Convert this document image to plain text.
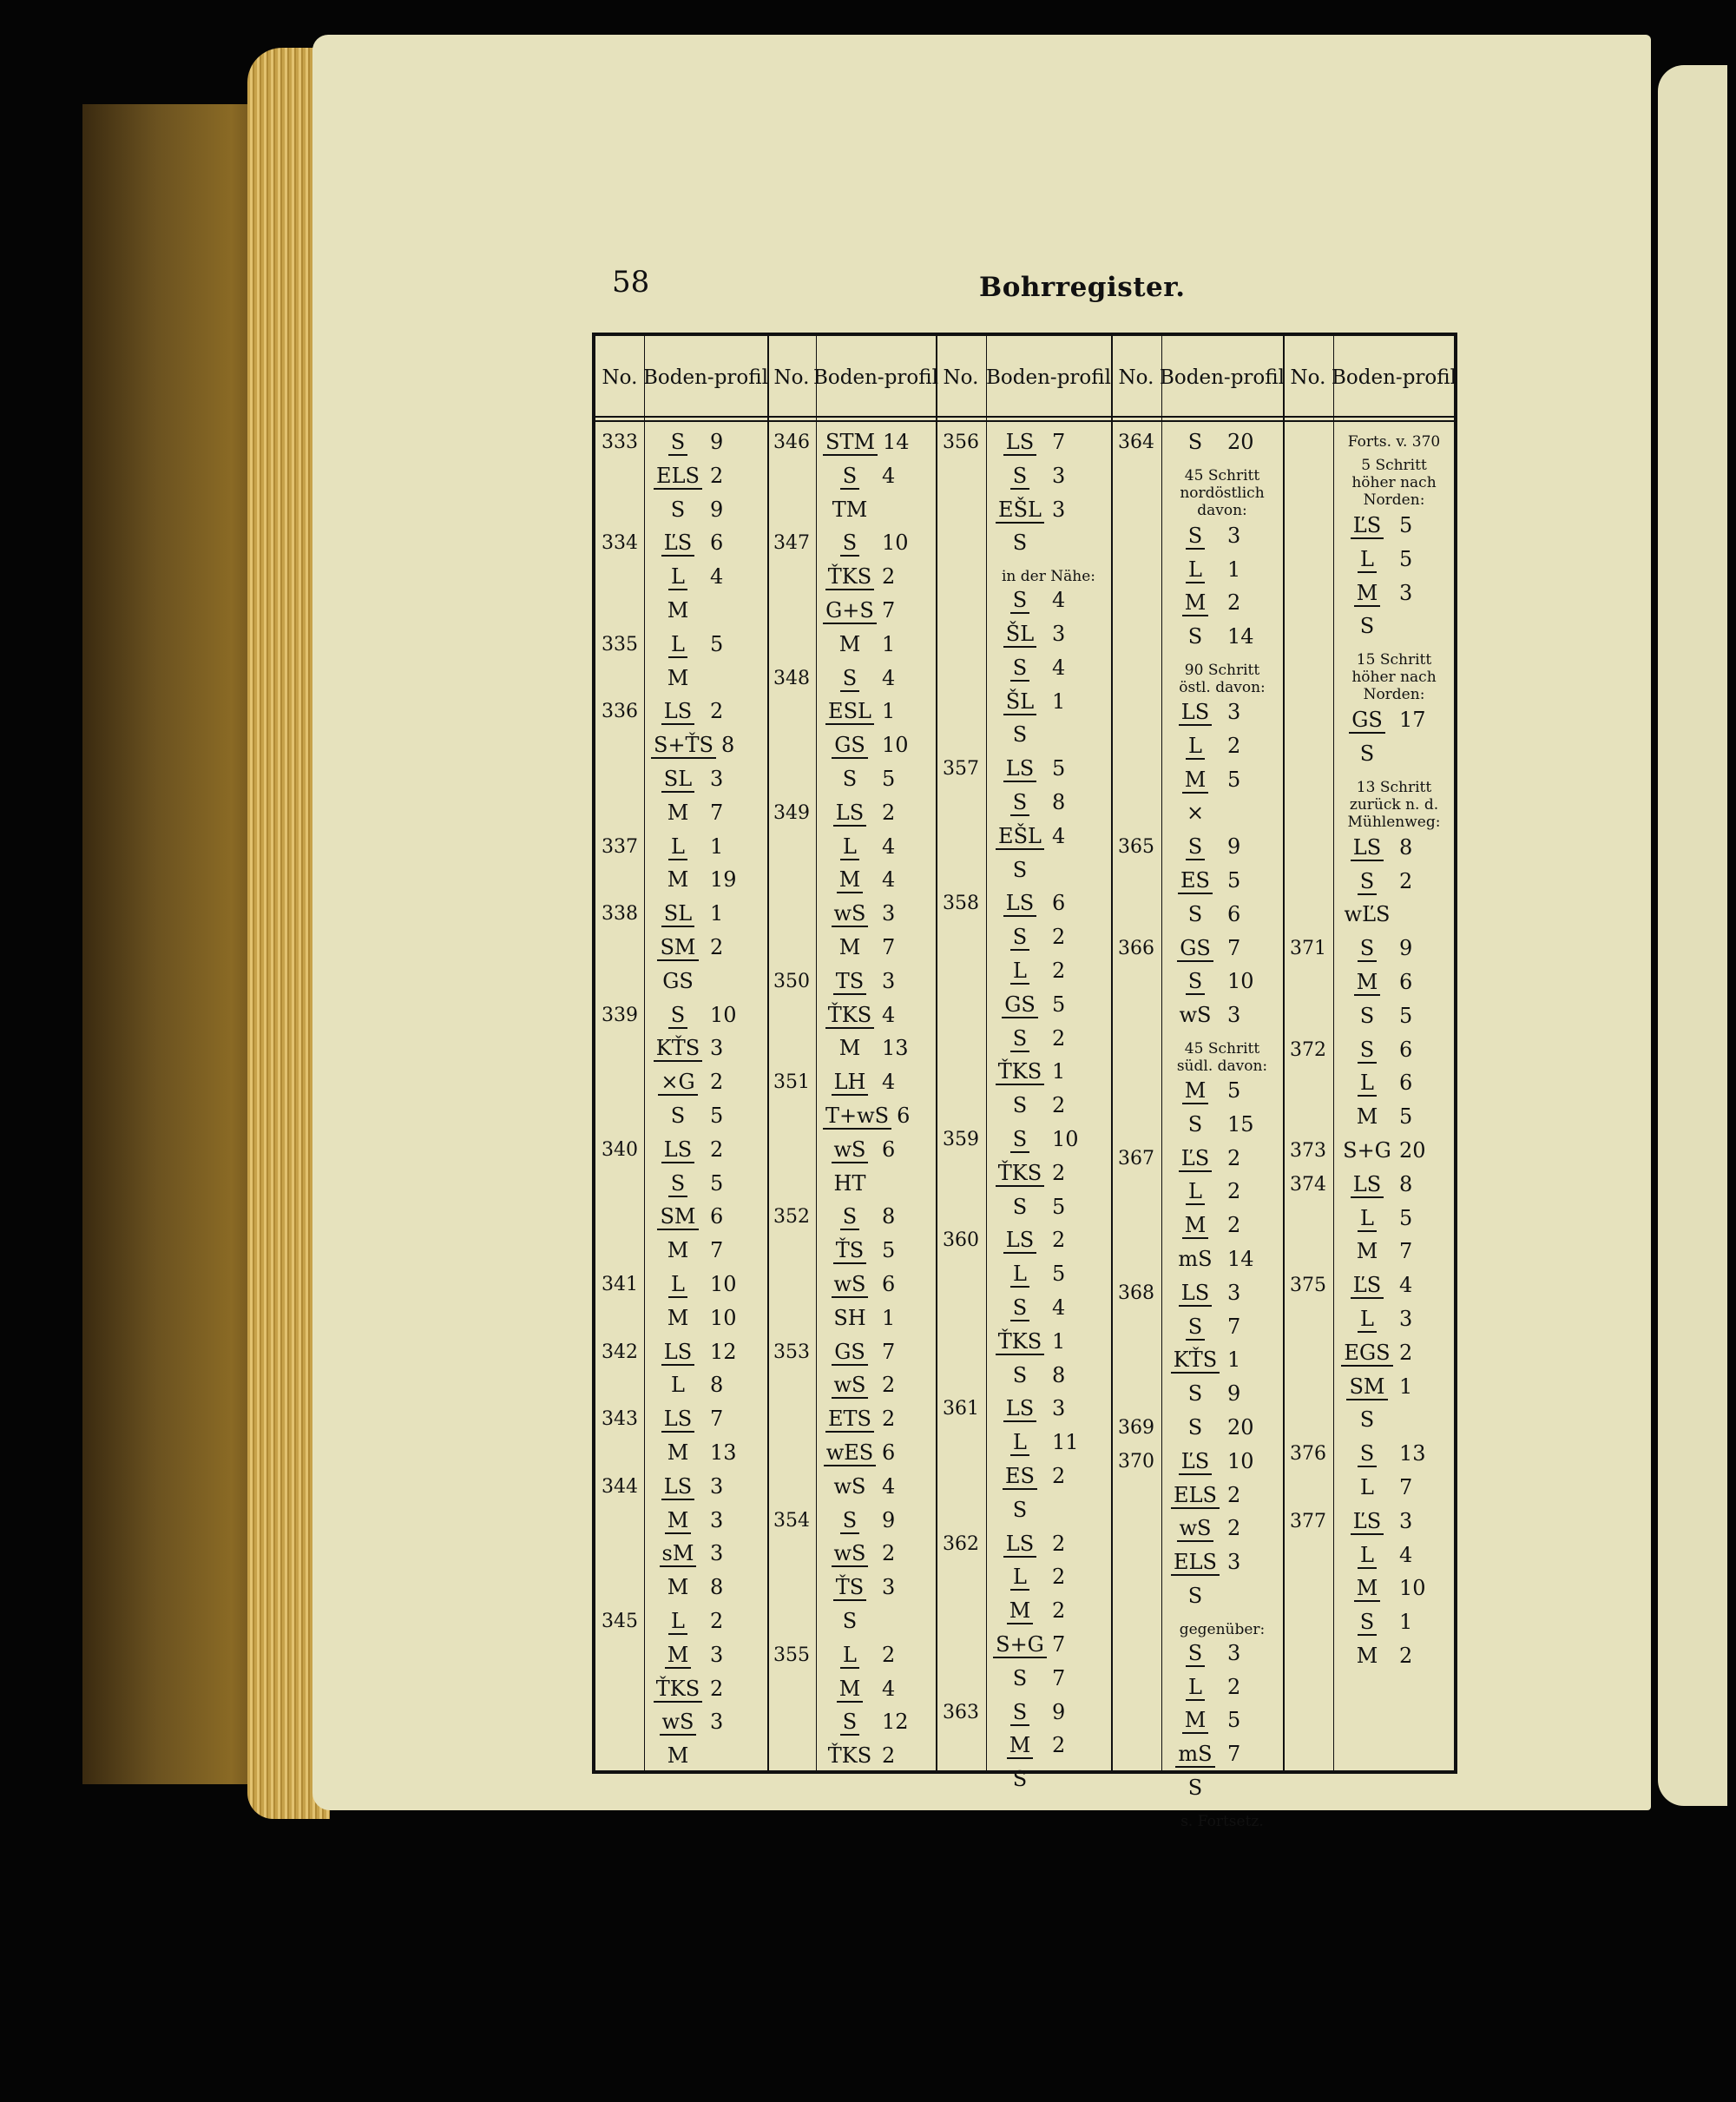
58	Bohrregister.
No. Boden- profil
333	S 9
ELS 2
S 9
334	ĽS 6
L 4
M
335	L 5
M
336	LS 2
S+ŤS 8
SL 3
M 7
337	L 1
M 19
338	SL 1
SM 2
GS
339	S 10
KŤS 3
×G 2
S 5
340	LS 2
S 5
SM 6
M 7
341	L 10
M 10
342	LS 12
L 8
343	LS 7
M 13
344	LS 3
M 3
sM 3
M 8
345	L 2
M 3
ŤKS 2
wS 3
M
No. Boden- profil
346 STM 14
S 4
TM
347	S 10
ŤKS 2
G+S 7
M 1
348	S 4
ESL 1
GS 10
S 5
349	LS 2
L 4
M 4
wS 3
M 7
350	TS 3
ŤKS 4
M 13
351	LH 4
T+wS 6
wS 6
HT
352	S 8
ŤS 5
wS 6
SH 1
353	GS 7
wS 2
ETS 2
wES 6
wS 4
354	S 9
wS 2
ŤS 3
S
355	L 2
M 4
S 12
ŤKS 2
No. Boden- profil
356	LS 7
S 3
EŠL 3
S
in der Nähe:
S 4
ŠL 3
S 4
ŠL 1
S
357	LS 5
S 8
EŠL 4
S
358	LS 6
S 2
L 2
GS 5
S 2
ŤKS 1
S 2
359	S 10
ŤKS 2
S 5
360	LS 2
L 5
S 4
ŤKS 1
S 8
361	LS 3
L 11
ES 2
S
362	LS 2
L 2
M 2
S+G 7
S 7
363	S 9
M 2
S
No. Boden- profil
364	S 20
45 Schritt
nordöstlich
davon:
S 3
L 1
M 2
S 14
90 Schritt
östl. davon:
LS 3
L 2
M 5
×
365	S 9
ES 5
S 6
366	GS 7
S 10
wS 3
45 Schritt
südl. davon:
M 5
S 15
367	ĽS 2
L 2
M 2
mS 14
368	LS 3
S 7
KŤS 1
S 9
369	S 20
370	ĽS 10
ELS 2
wS 2
ELS 3
S
gegenüber:
S 3
L 2
M 5
mS 7
S
s. Fortsetz.
No. Boden- profil
Forts. v. 370
5 Schritt
höher nach
Norden:
ĽS 5
L 5
M 3
S
15 Schritt
höher nach
Norden:
GS 17
S
13 Schritt
zurück n. d.
Mühlenweg:
LS 8
S 2
wĽS
371	S 9
M 6
S 5
372	S 6
L 6
M 5
373 S+G 20
374	LS 8
L 5
M 7
375	ĽS 4
L 3
EGS 2
SM 1
S
376	S 13
L 7
377	ĽS 3
L 4
M 10
S 1
M 2
